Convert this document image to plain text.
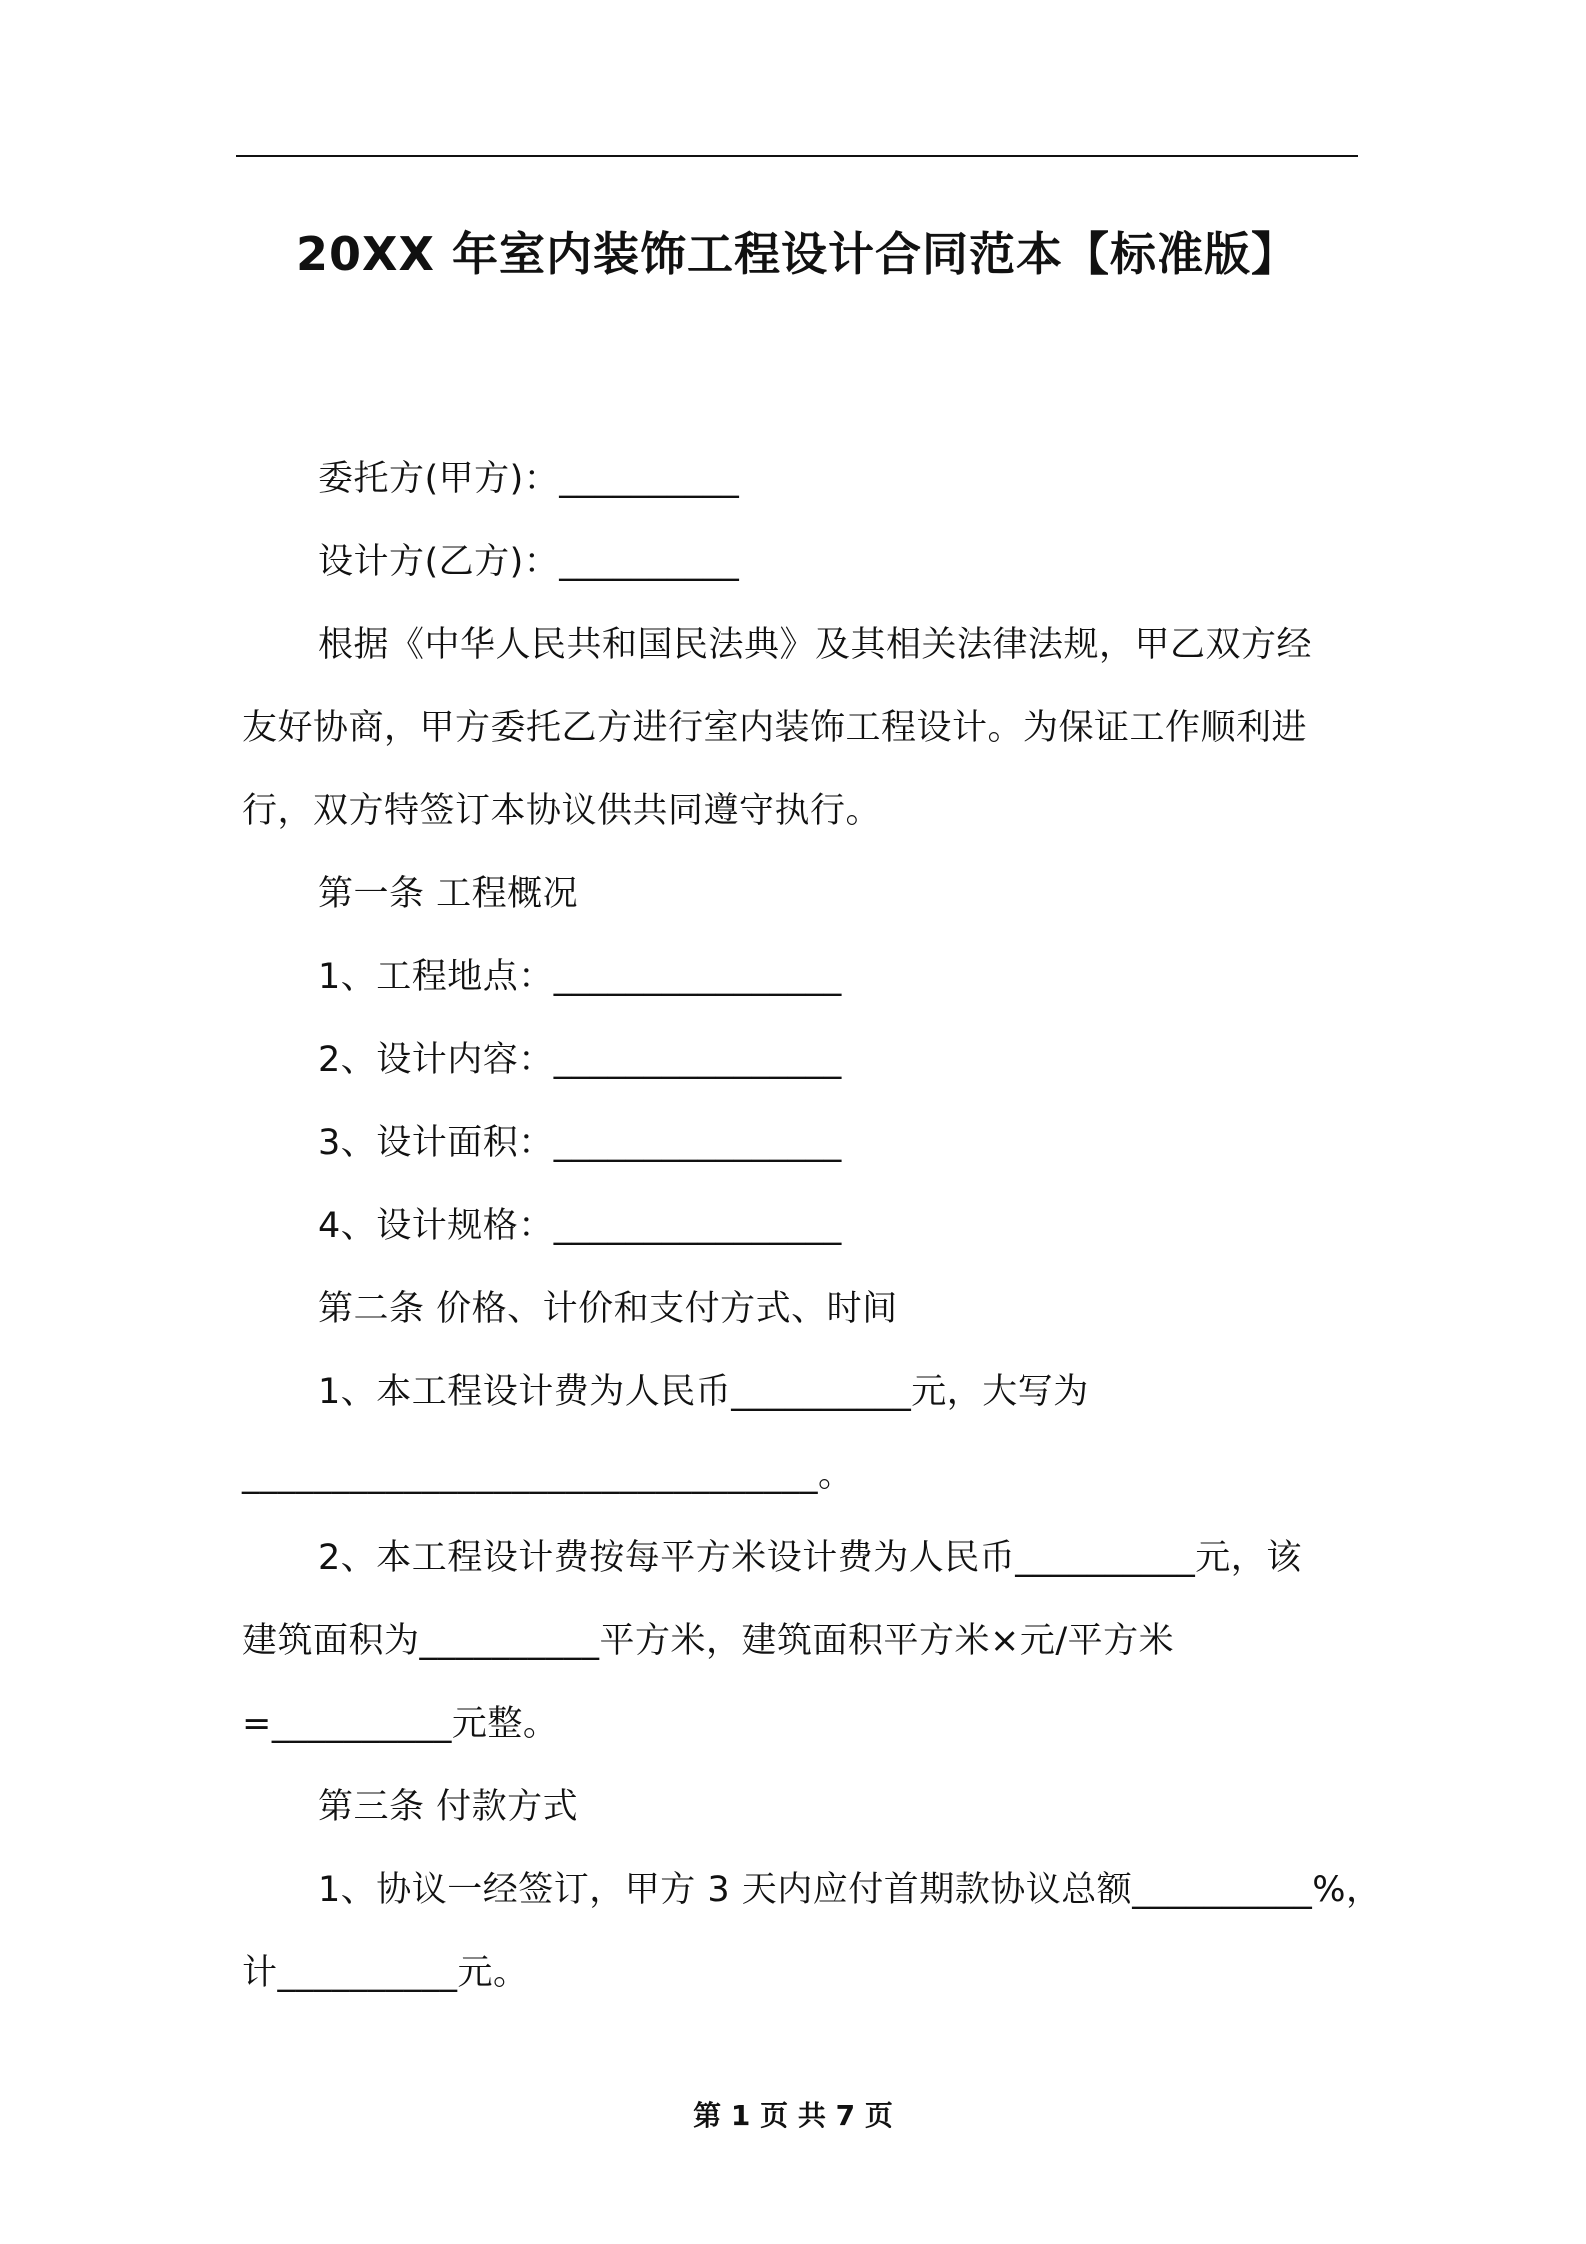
20XX 年室内装饰工程设计合同范本【标准版】
委托方(甲方)：__________
设计方(乙方)：__________
根据《中华人民共和国民法典》及其相关法律法规，甲乙双方经
友好协商，甲方委托乙方进行室内装饰工程设计。为保证工作顺利进
行，双方特签订本协议供共同遵守执行。
第一条 工程概况
1、工程地点：________________
2、设计内容：________________
3、设计面积：________________
4、设计规格：________________
第二条 价格、计价和支付方式、时间
1、本工程设计费为人民币__________元，大写为
________________________________。
2、本工程设计费按每平方米设计费为人民币__________元，该
建筑面积为__________平方米，建筑面积平方米×元/平方米
=__________元整。
第三条 付款方式
1、协议一经签订，甲方 3 天内应付首期款协议总额__________%，
计__________元。
第 1 页 共 7 页
